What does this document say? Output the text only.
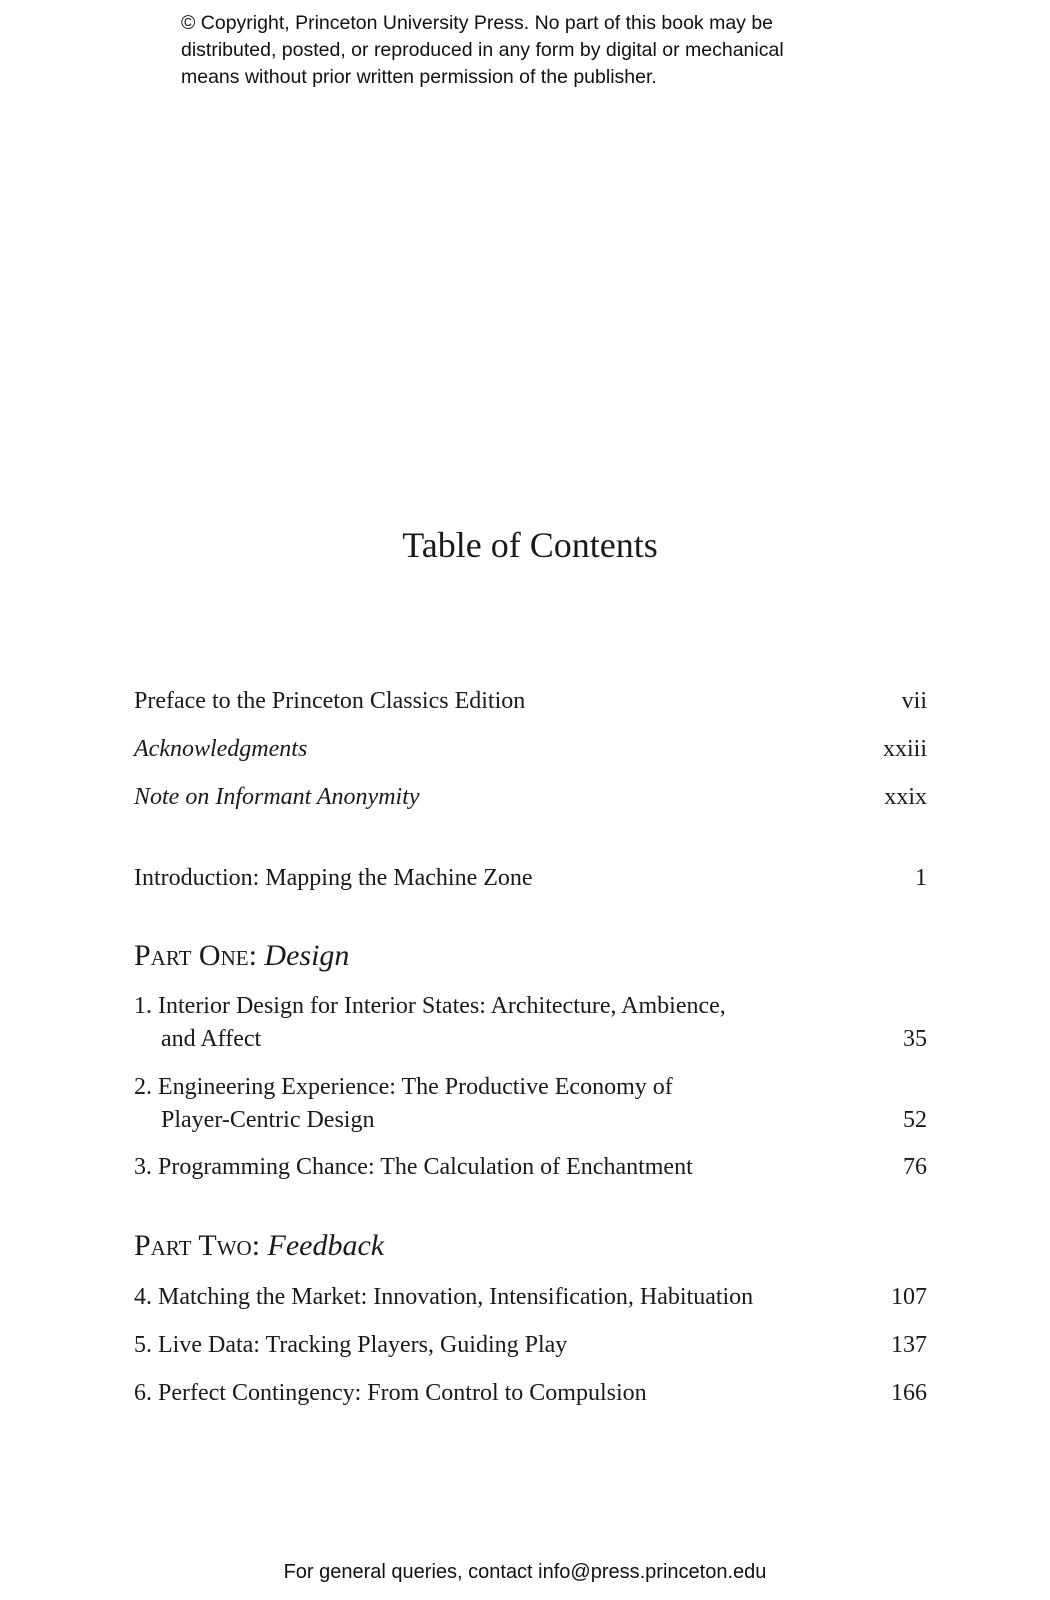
© Copyright, Princeton University Press. No part of this book may be
distributed, posted, or reproduced in any form by digital or mechanical
means without prior written permission of the publisher.
Table of Contents
Preface to the Princeton Classics Edition	vii
Acknowledgments	xxiii
Note on Informant Anonymity	xxix
Introduction: Mapping the Machine Zone	1
Part One: Design
1. Interior Design for Interior States: Architecture, Ambience,
and Affect	35
2. Engineering Experience: The Productive Economy of
Player-Centric Design	52
3. Programming Chance: The Calculation of Enchantment	76
Part Two: Feedback
4. Matching the Market: Innovation, Intensification, Habituation	107
5. Live Data: Tracking Players, Guiding Play	137
6. Perfect Contingency: From Control to Compulsion	166
For general queries, contact info@press.princeton.edu
